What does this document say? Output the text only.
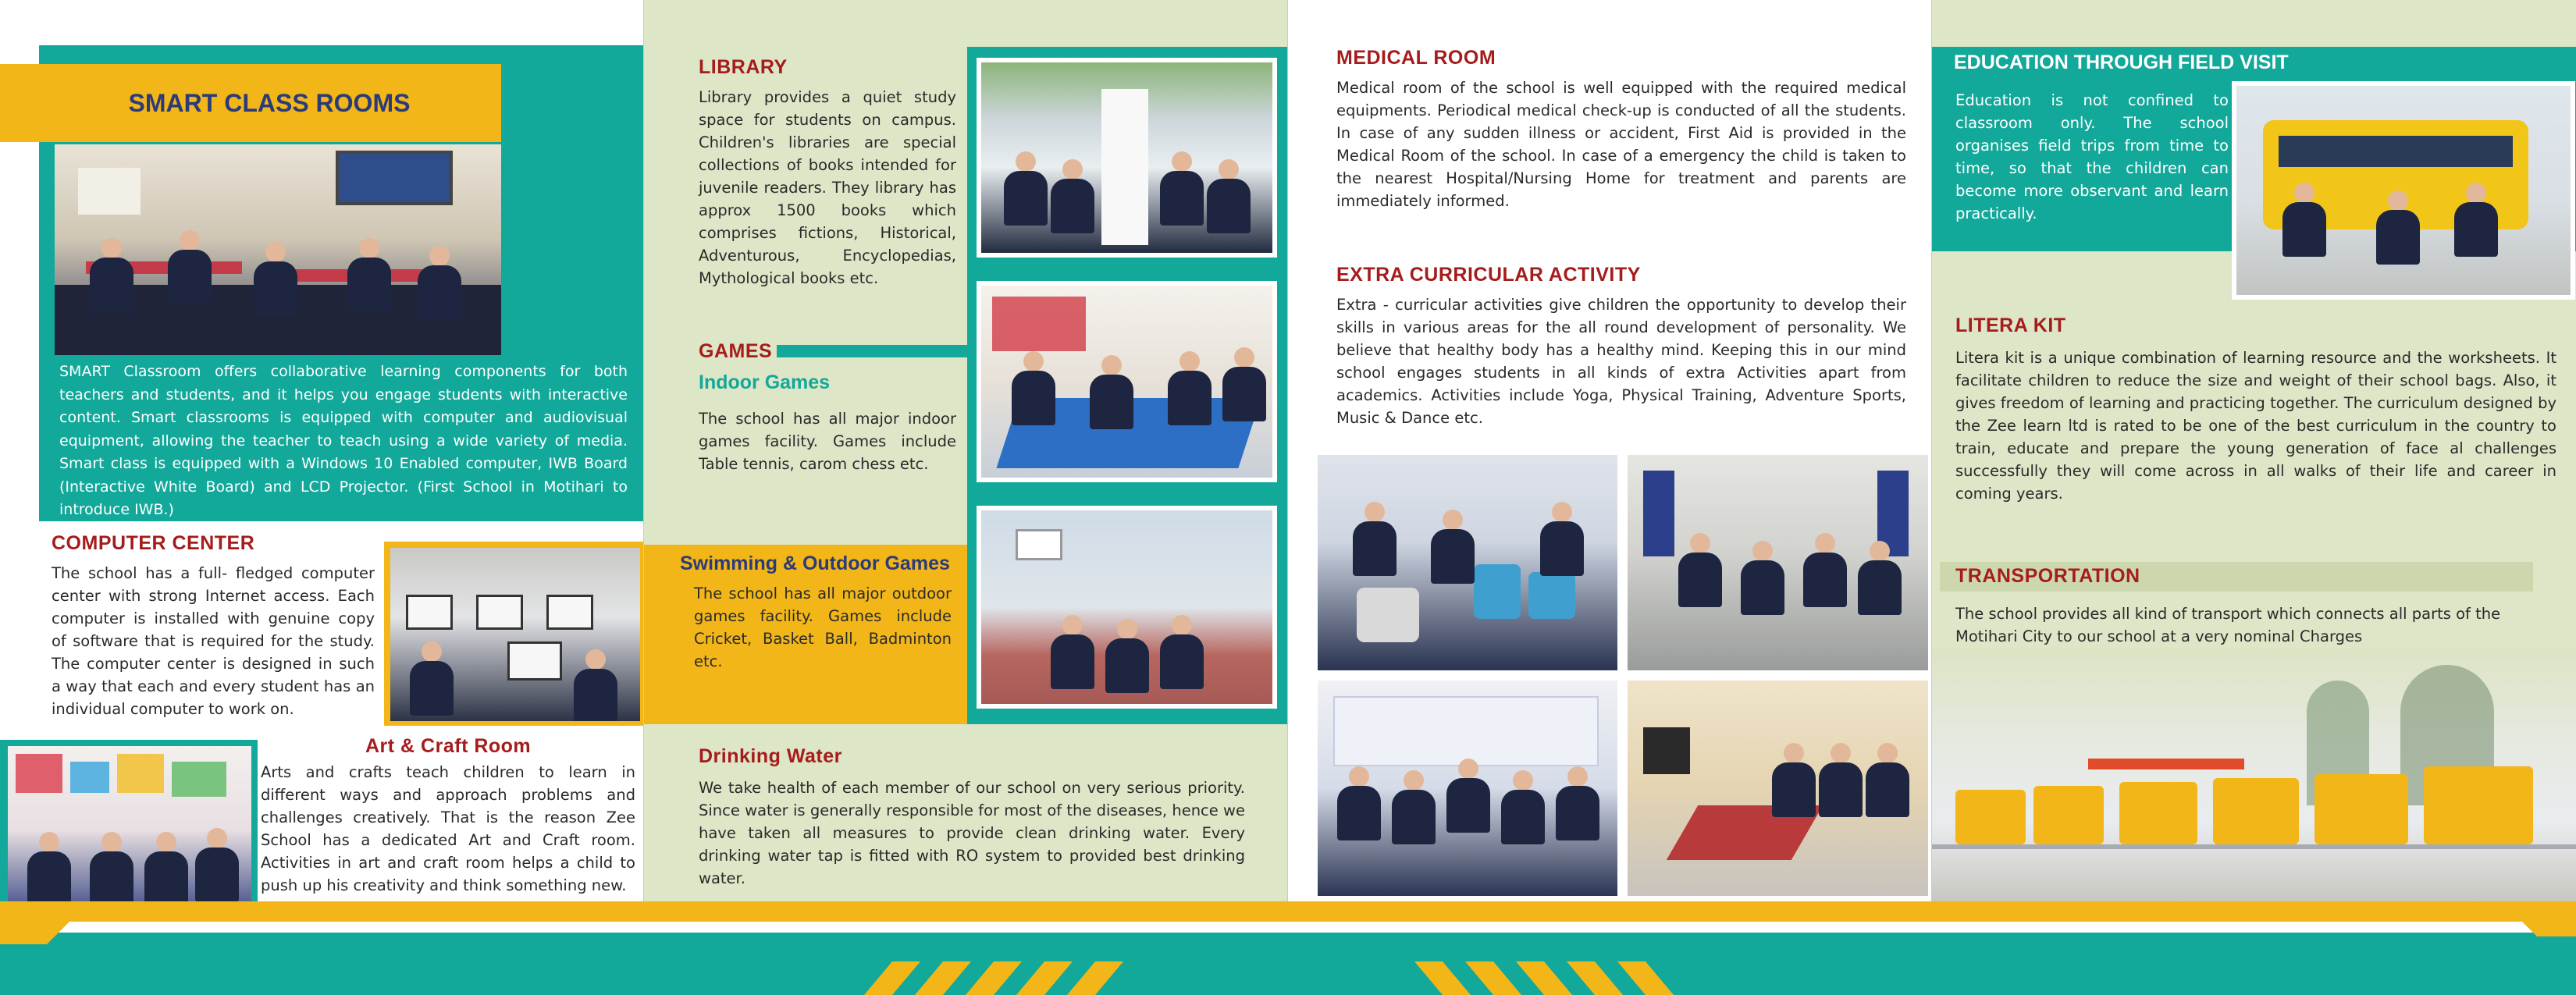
SMART CLASS ROOMS
SMART Classroom offers collaborative learning components for both teachers and students, and it helps you engage students with interactive content. Smart classrooms is equipped with computer and audiovisual equipment, allowing the teacher to teach using a wide variety of media. Smart class is equipped with a Windows 10 Enabled computer, IWB Board (Interactive White Board) and LCD Projector. (First School in Motihari to introduce IWB.)
COMPUTER CENTER
The school has a full- fledged computer center with strong Internet access. Each computer is installed with genuine copy of software that is required for the study. The computer center is designed in such a way that each and every student has an individual computer to work on.
Art & Craft Room
Arts and crafts teach children to learn in different ways and approach problems and challenges creatively. That is the reason Zee School has a dedicated Art and Craft room. Activities in art and craft room helps a child to push up his creativity and think something new.
LIBRARY
Library provides a quiet study space for students on campus. Children's libraries are special collections of books intended for juvenile readers. They library has approx 1500 books which comprises fictions, Historical, Adventurous, Encyclopedias, Mythological books etc.
GAMES
Indoor Games
The school has all major indoor games facility. Games include Table tennis, carom chess etc.
Swimming & Outdoor Games
The school has all major outdoor games facility. Games include Cricket, Basket Ball, Badminton etc.
Drinking Water
We take health of each member of our school on very serious priority. Since water is generally responsible for most of the diseases, hence we have taken all measures to provide clean drinking water. Every drinking water tap is fitted with RO system to provided best drinking water.
MEDICAL ROOM
Medical room of the school is well equipped with the required medical equipments. Periodical medical check-up is conducted of all the students. In case of any sudden illness or accident, First Aid is provided in the Medical Room of the school. In case of a emergency the child is taken to the nearest Hospital/Nursing Home for treatment and parents are immediately informed.
EXTRA CURRICULAR ACTIVITY
Extra - curricular activities give children the opportunity to develop their skills in various areas for the all round development of personality. We believe that healthy body has a healthy mind. Keeping this in our mind school engages students in all kinds of extra Activities apart from academics. Activities include Yoga, Physical Training, Adventure Sports, Music & Dance etc.
EDUCATION THROUGH FIELD VISIT
Education is not confined to classroom only. The school organises field trips from time to time, so that the children can become more observant and learn practically.
LITERA KIT
Litera kit is a unique combination of learning resource and the worksheets. It facilitate children to reduce the size and weight of their school bags. Also, it gives freedom of learning and practicing together. The curriculum designed by the Zee learn ltd is rated to be one of the best curriculum in the country to train, educate and prepare the young generation of face al challenges successfully they will come across in all walks of their life and career in coming years.
TRANSPORTATION
The school provides all kind of transport which connects all parts of the Motihari City to our school at a very nominal Charges
